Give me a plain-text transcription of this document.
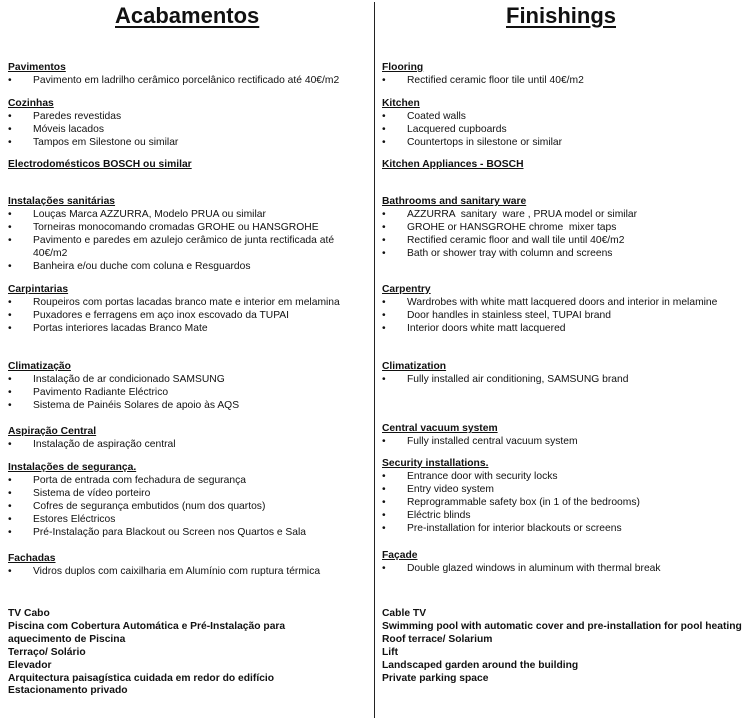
Acabamentos
Pavimentos
• Pavimento em ladrilho cerâmico porcelânico rectificado até 40€/m2
Cozinhas
• Paredes revestidas
• Móveis lacados
• Tampos em Silestone ou similar
Electrodomésticos BOSCH ou similar
Instalações sanitárias
• Louças Marca AZZURRA, Modelo PRUA ou similar
• Torneiras monocomando cromadas GROHE ou HANSGROHE
• Pavimento e paredes em azulejo cerâmico de junta rectificada até 40€/m2
• Banheira e/ou duche com coluna e Resguardos
Carpintarias
• Roupeiros com portas lacadas branco mate e interior em melamina
• Puxadores e ferragens em aço inox escovado da TUPAI
• Portas interiores lacadas Branco Mate
Climatização
• Instalação de ar condicionado SAMSUNG
• Pavimento Radiante Eléctrico
• Sistema de Painéis Solares de apoio às AQS
Aspiração Central
• Instalação de aspiração central
Instalações de segurança.
• Porta de entrada com fechadura de segurança
• Sistema de vídeo porteiro
• Cofres de segurança embutidos (num dos quartos)
• Estores Eléctricos
• Pré-Instalação para Blackout ou Screen nos Quartos e Sala
Fachadas
• Vidros duplos com caixilharia em Alumínio com ruptura térmica
TV Cabo
Piscina com Cobertura Automática e Pré-Instalação para aquecimento de Piscina
Terraço/ Solário
Elevador
Arquitectura paisagística cuidada em redor do edifício
Estacionamento privado
Finishings
Flooring
• Rectified ceramic floor tile until 40€/m2
Kitchen
• Coated walls
• Lacquered cupboards
• Countertops in silestone or similar
Kitchen Appliances - BOSCH
Bathrooms and sanitary ware
• AZZURRA  sanitary  ware , PRUA model or similar
• GROHE or HANSGROHE chrome  mixer taps
• Rectified ceramic floor and wall tile until 40€/m2
• Bath or shower tray with column and screens
Carpentry
• Wardrobes with white matt lacquered doors and interior in melamine
• Door handles in stainless steel, TUPAI brand
• Interior doors white matt lacquered
Climatization
• Fully installed air conditioning, SAMSUNG brand
Central vacuum system
• Fully installed central vacuum system
Security installations.
• Entrance door with security locks
• Entry video system
• Reprogrammable safety box (in 1 of the bedrooms)
• Eléctric blinds
• Pre-installation for interior blackouts or screens
Façade
• Double glazed windows in aluminum with thermal break
Cable TV
Swimming pool with automatic cover and pre-installation for pool heating
Roof terrace/ Solarium
Lift
Landscaped garden around the building
Private parking space
